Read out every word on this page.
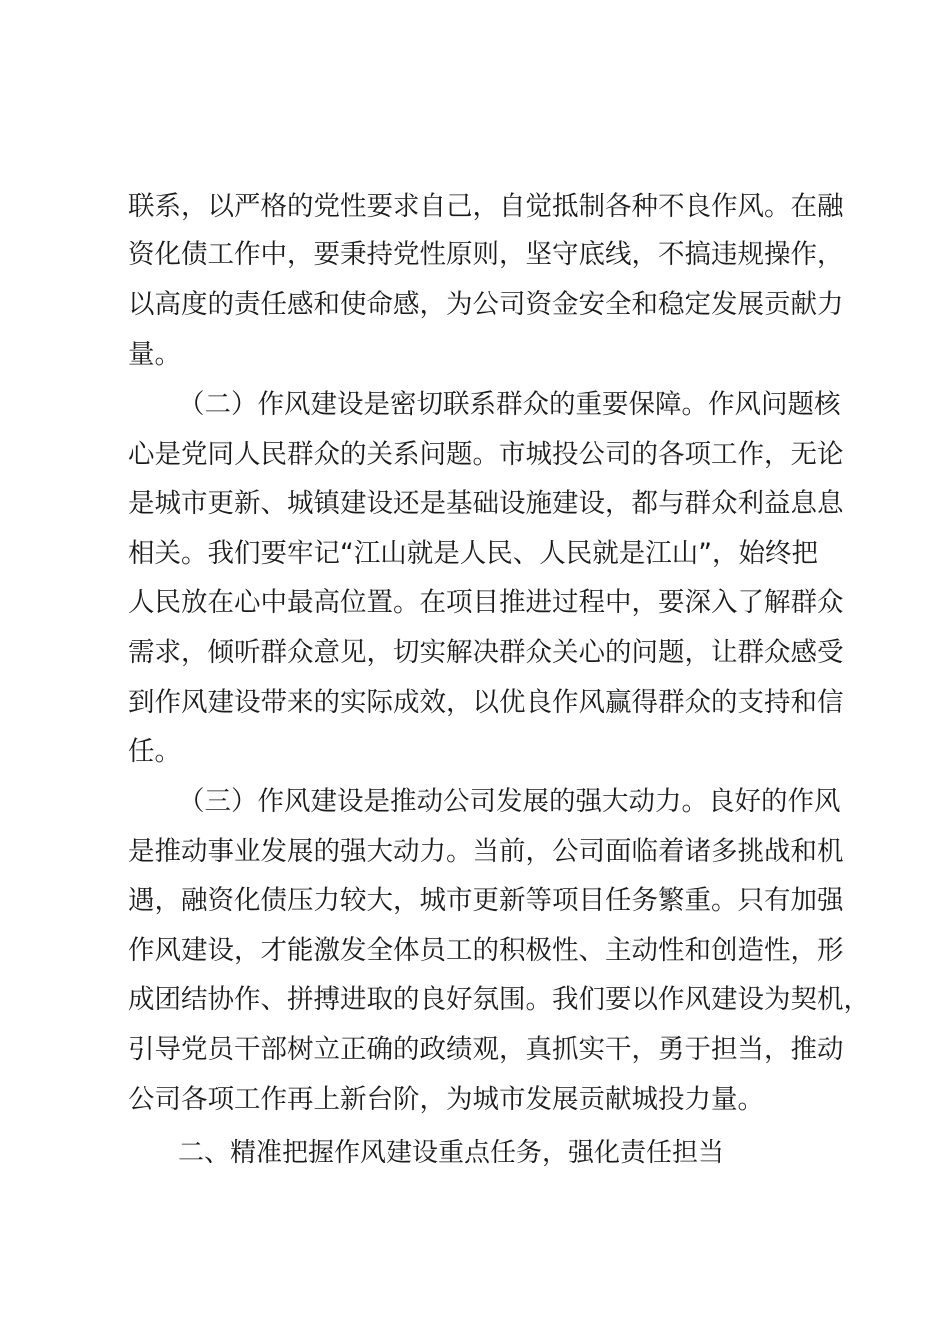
联系，以严格的党性要求自己，自觉抵制各种不良作风。在融
资化债工作中，要秉持党性原则，坚守底线，不搞违规操作，
以高度的责任感和使命感，为公司资金安全和稳定发展贡献力
量。
（二）作风建设是密切联系群众的重要保障。作风问题核
心是党同人民群众的关系问题。市城投公司的各项工作，无论
是城市更新、城镇建设还是基础设施建设，都与群众利益息息
相关。我们要牢记“江山就是人民、人民就是江山”，始终把
人民放在心中最高位置。在项目推进过程中，要深入了解群众
需求，倾听群众意见，切实解决群众关心的问题，让群众感受
到作风建设带来的实际成效，以优良作风赢得群众的支持和信
任。
（三）作风建设是推动公司发展的强大动力。良好的作风
是推动事业发展的强大动力。当前，公司面临着诸多挑战和机
遇，融资化债压力较大，城市更新等项目任务繁重。只有加强
作风建设，才能激发全体员工的积极性、主动性和创造性，形
成团结协作、拼搏进取的良好氛围。我们要以作风建设为契机，
引导党员干部树立正确的政绩观，真抓实干，勇于担当，推动
公司各项工作再上新台阶，为城市发展贡献城投力量。
二、精准把握作风建设重点任务，强化责任担当
